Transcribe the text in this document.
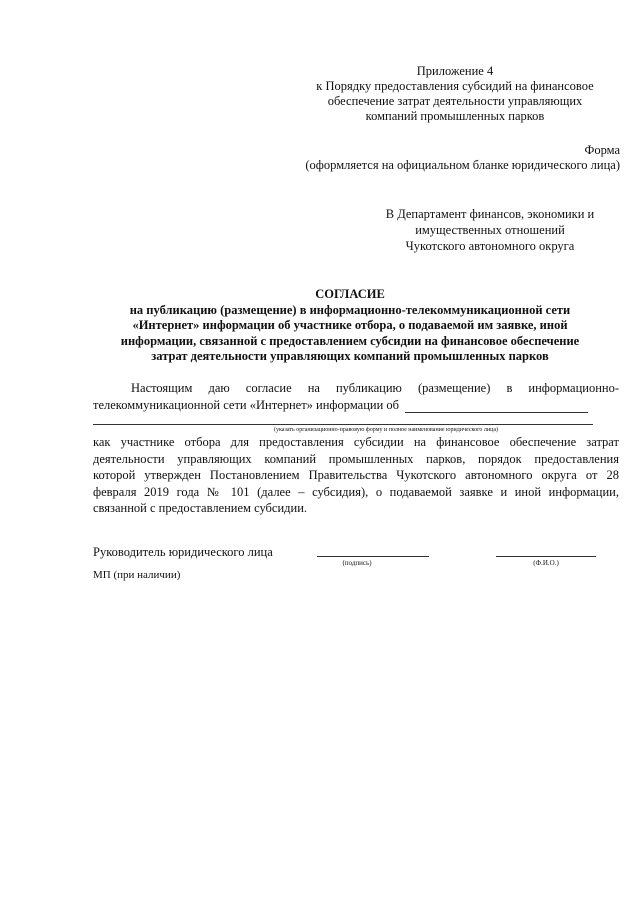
Приложение 4
к Порядку предоставления субсидий на финансовое
обеспечение затрат деятельности управляющих
компаний промышленных парков
Форма
(оформляется на официальном бланке юридического лица)
В Департамент финансов, экономики и
имущественных отношений
Чукотского автономного округа
СОГЛАСИЕ
на публикацию (размещение) в информационно-телекоммуникационной сети
«Интернет» информации об участнике отбора, о подаваемой им заявке, иной
информации, связанной с предоставлением субсидии на финансовое обеспечение
затрат деятельности управляющих компаний промышленных парков
Настоящим даю согласие на публикацию (размещение) в информационно-
телекоммуникационной сети «Интернет» информации об
(указать организационно-правовую форму и полное наименование юридического лица)
как участнике отбора для предоставления субсидии на финансовое обеспечение затрат
деятельности управляющих компаний промышленных парков, порядок предоставления
которой утвержден Постановлением Правительства Чукотского автономного округа от 28
февраля 2019 года № 101 (далее – субсидия), о подаваемой заявке и иной информации,
связанной с предоставлением субсидии.
Руководитель юридического лица
(подпись)	(Ф.И.О.)
МП (при наличии)
